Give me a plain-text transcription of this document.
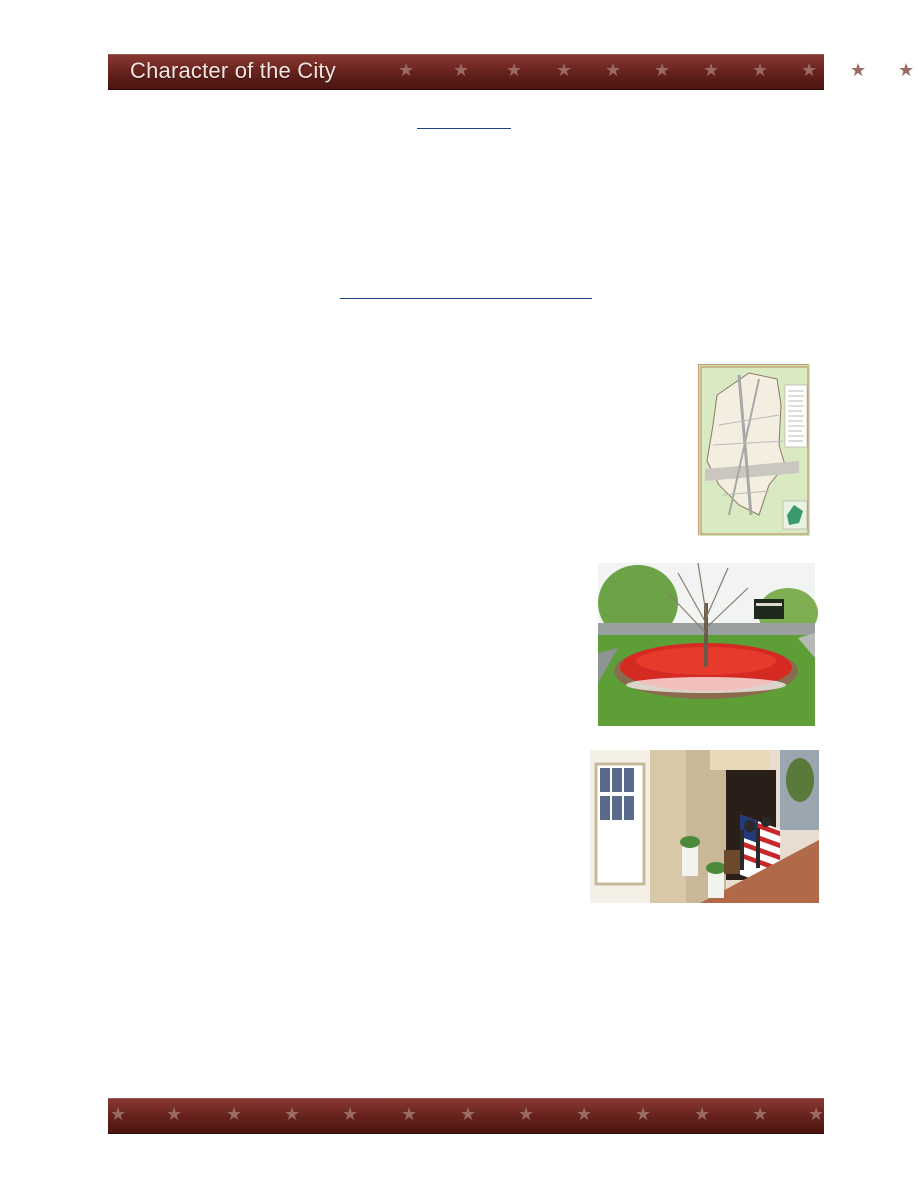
Character of the City	★
★	★ ★ ★ ★ ★ ★ ★ ★ ★
★ ★ ★ ★ ★ ★ ★ ★ ★ ★ ★ ★ ★
